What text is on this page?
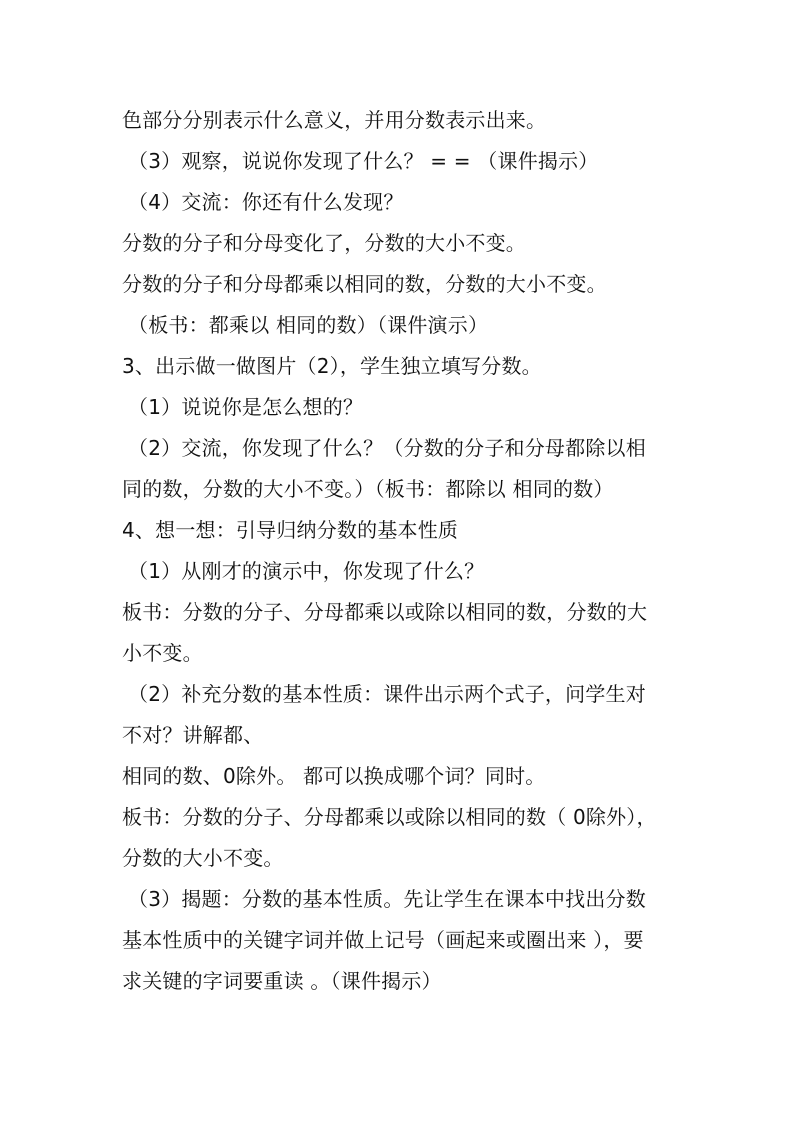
色部分分别表示什么意义，并用分数表示出来。
（3）观察，说说你发现了什么？ = = （课件揭示）
（4）交流：你还有什么发现？
分数的分子和分母变化了，分数的大小不变。
分数的分子和分母都乘以相同的数，分数的大小不变。
（板书：都乘以 相同的数）（课件演示）
3、出示做一做图片（2），学生独立填写分数。
（1）说说你是怎么想的？
（2）交流，你发现了什么？（分数的分子和分母都除以相
同的数，分数的大小不变。）（板书：都除以 相同的数）
4、想一想：引导归纳分数的基本性质
（1）从刚才的演示中，你发现了什么？
板书：分数的分子、分母都乘以或除以相同的数，分数的大
小不变。
（2）补充分数的基本性质：课件出示两个式子，问学生对
不对？讲解都、
相同的数、0除外。 都可以换成哪个词？同时。
板书：分数的分子、分母都乘以或除以相同的数（ 0除外），
分数的大小不变。
（3）揭题：分数的基本性质。先让学生在课本中找出分数
基本性质中的关键字词并做上记号（画起来或圈出来 ），要
求关键的字词要重读 。（课件揭示）
